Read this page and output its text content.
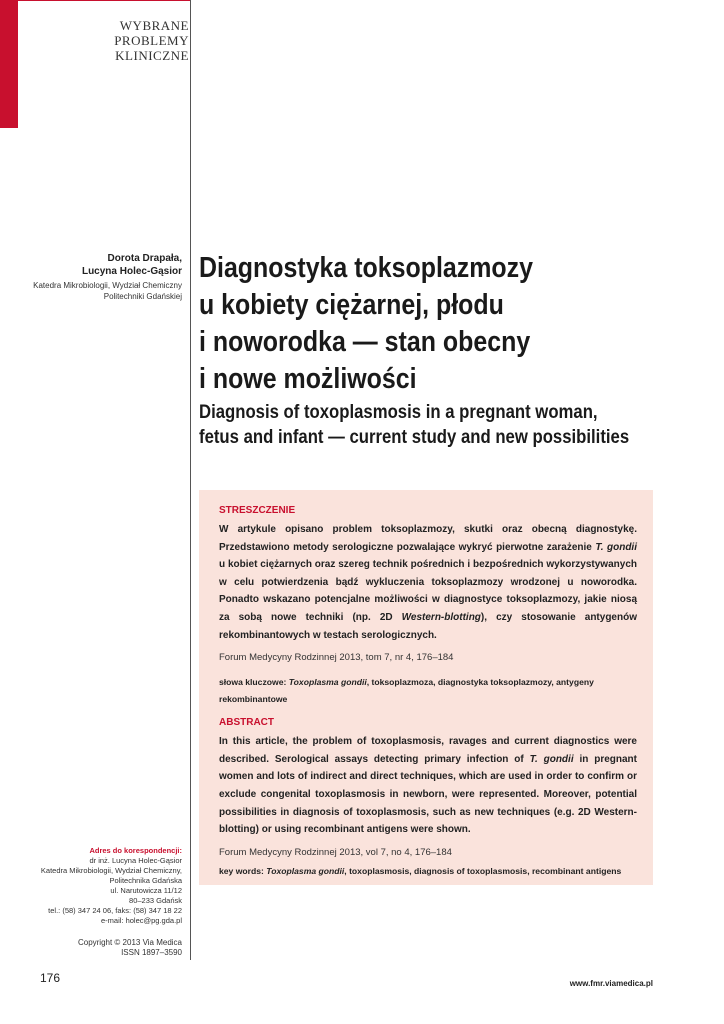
WYBRANE
PROBLEMY
KLINICZNE
Dorota Drapała,
Lucyna Holec-Gąsior
Katedra Mikrobiologii, Wydział Chemiczny
Politechniki Gdańskiej
Diagnostyka toksoplazmozy
u kobiety ciężarnej, płodu
i noworodka — stan obecny
i nowe możliwości
Diagnosis of toxoplasmosis in a pregnant woman,
fetus and infant — current study and new possibilities
STRESZCZENIE
W artykule opisano problem toksoplazmozy, skutki oraz obecną diagnostykę. Przedstawiono metody serologiczne pozwalające wykryć pierwotne zarażenie T. gondii u kobiet ciężarnych oraz szereg technik pośrednich i bezpośrednich wykorzystywanych w celu potwierdzenia bądź wykluczenia toksoplazmozy wrodzonej u noworodka. Ponadto wskazano potencjalne możliwości w diagnostyce toksoplazmozy, jakie niosą za sobą nowe techniki (np. 2D Western-blotting), czy stosowanie antygenów rekombinantowych w testach serologicznych.
Forum Medycyny Rodzinnej 2013, tom 7, nr 4, 176–184
słowa kluczowe: Toxoplasma gondii, toksoplazmoza, diagnostyka toksoplazmozy, antygeny rekombinantowe
ABSTRACT
In this article, the problem of toxoplasmosis, ravages and current diagnostics were described. Serological assays detecting primary infection of T. gondii in pregnant women and lots of indirect and direct techniques, which are used in order to confirm or exclude congenital toxoplasmosis in newborn, were represented. Moreover, potential possibilities in diagnosis of toxoplasmosis, such as new techniques (e.g. 2D Western-blotting) or using recombinant antigens were shown.
Forum Medycyny Rodzinnej 2013, vol 7, no 4, 176–184
key words: Toxoplasma gondii, toxoplasmosis, diagnosis of toxoplasmosis, recombinant antigens
Adres do korespondencji:
dr inż. Lucyna Holec-Gąsior
Katedra Mikrobiologii, Wydział Chemiczny,
Politechnika Gdańska
ul. Narutowicza 11/12
80–233 Gdańsk
tel.: (58) 347 24 06, faks: (58) 347 18 22
e-mail: holec@pg.gda.pl
Copyright © 2013 Via Medica
ISSN 1897–3590
176	www.fmr.viamedica.pl
